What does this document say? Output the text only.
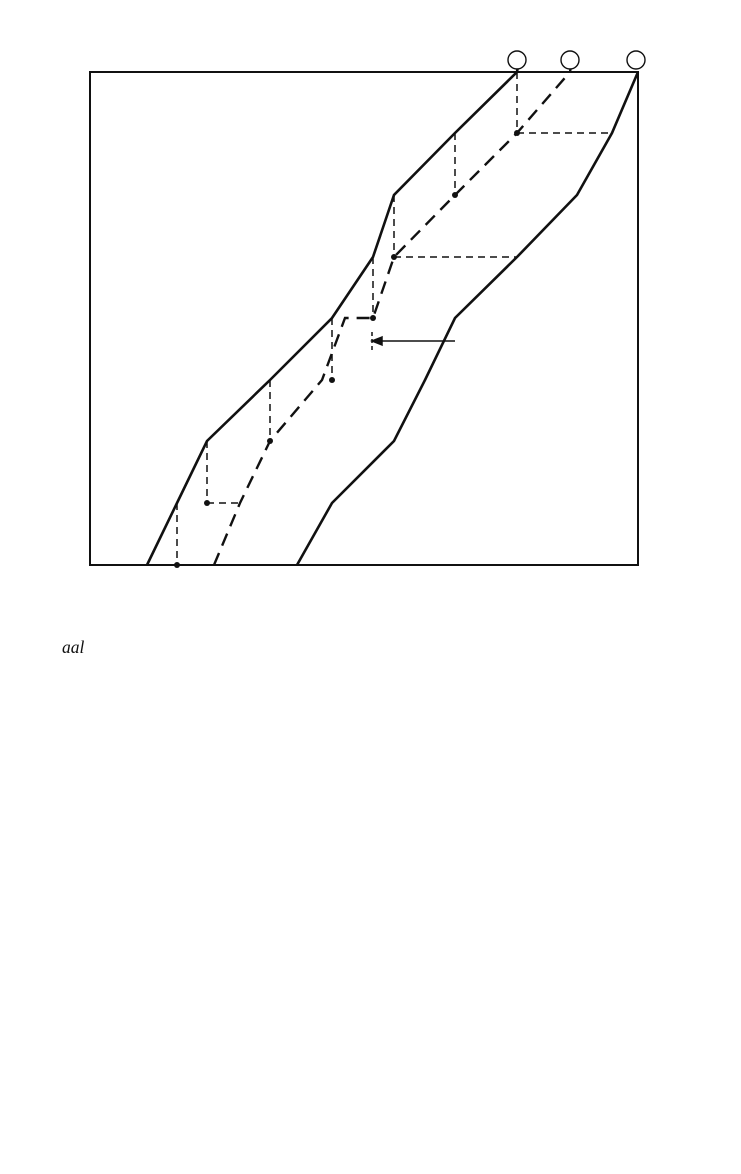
aal
